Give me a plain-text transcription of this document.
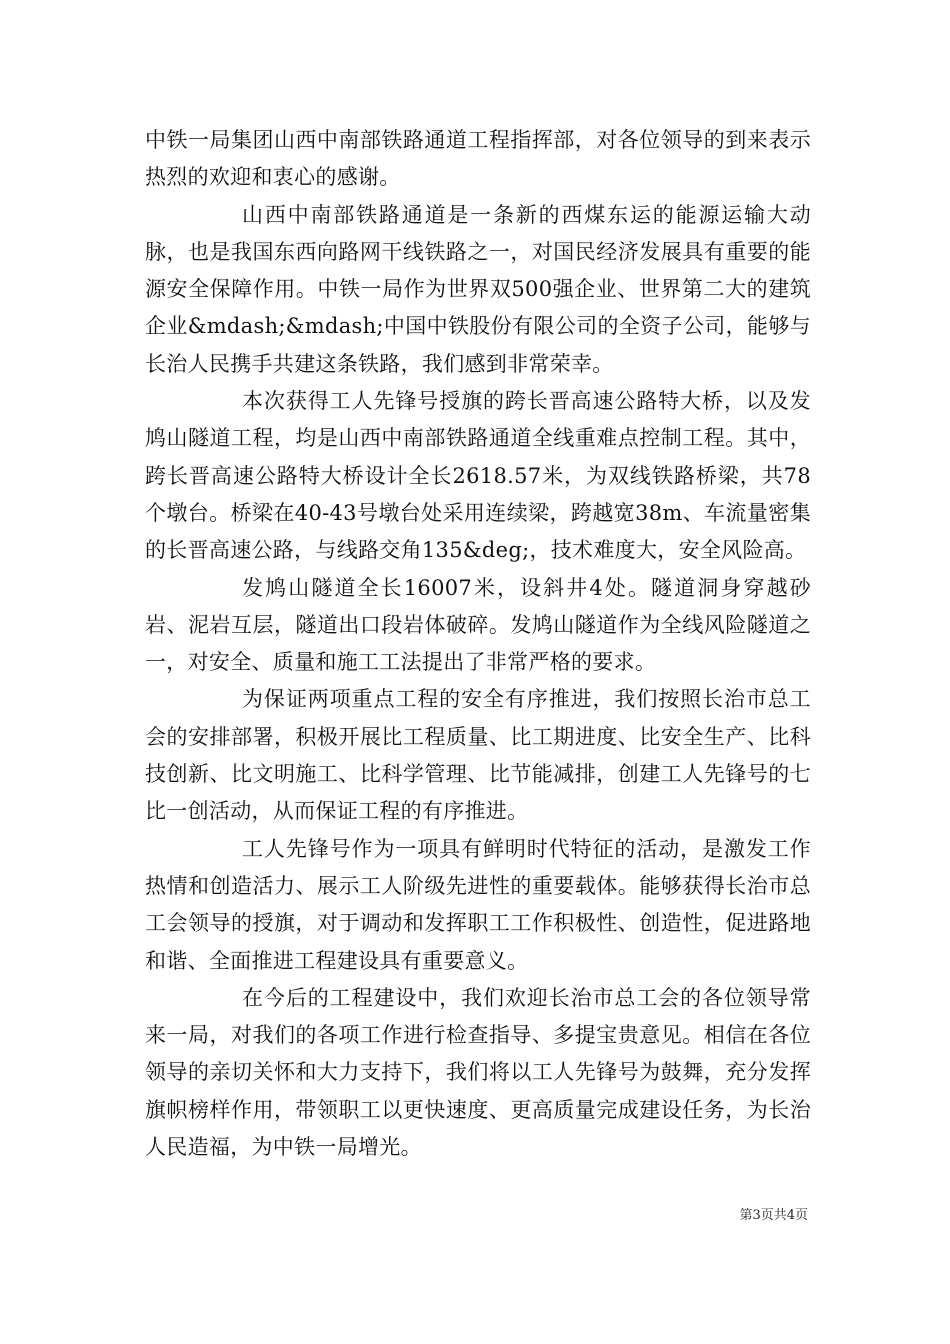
中铁一局集团山西中南部铁路通道工程指挥部，对各位领导的到来表示热烈的欢迎和衷心的感谢。

山西中南部铁路通道是一条新的西煤东运的能源运输大动脉，也是我国东西向路网干线铁路之一，对国民经济发展具有重要的能源安全保障作用。中铁一局作为世界双500强企业、世界第二大的建筑企业&mdash;&mdash;中国中铁股份有限公司的全资子公司，能够与长治人民携手共建这条铁路，我们感到非常荣幸。

本次获得工人先锋号授旗的跨长晋高速公路特大桥，以及发鸠山隧道工程，均是山西中南部铁路通道全线重难点控制工程。其中，跨长晋高速公路特大桥设计全长2618.57米，为双线铁路桥梁，共78个墩台。桥梁在40-43号墩台处采用连续梁，跨越宽38m、车流量密集的长晋高速公路，与线路交角135&deg;，技术难度大，安全风险高。

发鸠山隧道全长16007米，设斜井4处。隧道洞身穿越砂岩、泥岩互层，隧道出口段岩体破碎。发鸠山隧道作为全线风险隧道之一，对安全、质量和施工工法提出了非常严格的要求。

为保证两项重点工程的安全有序推进，我们按照长治市总工会的安排部署，积极开展比工程质量、比工期进度、比安全生产、比科技创新、比文明施工、比科学管理、比节能减排，创建工人先锋号的七比一创活动，从而保证工程的有序推进。

工人先锋号作为一项具有鲜明时代特征的活动，是激发工作热情和创造活力、展示工人阶级先进性的重要载体。能够获得长治市总工会领导的授旗，对于调动和发挥职工工作积极性、创造性，促进路地和谐、全面推进工程建设具有重要意义。

在今后的工程建设中，我们欢迎长治市总工会的各位领导常来一局，对我们的各项工作进行检查指导、多提宝贵意见。相信在各位领导的亲切关怀和大力支持下，我们将以工人先锋号为鼓舞，充分发挥旗帜榜样作用，带领职工以更快速度、更高质量完成建设任务，为长治人民造福，为中铁一局增光。

第3页共4页
